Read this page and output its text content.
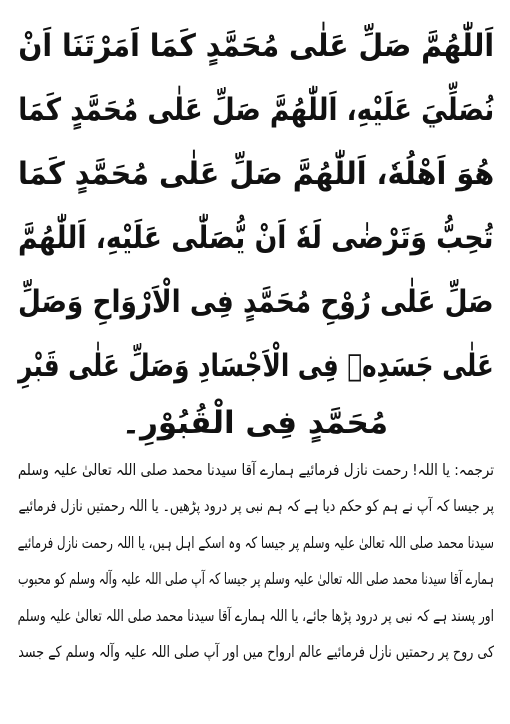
اَللّٰهُمَّ صَلِّ عَلٰى مُحَمَّدٍ كَمَا اَمَرْتَنَا اَنْ
نُصَلِّيَ عَلَيْهِ، اَللّٰهُمَّ صَلِّ عَلٰى مُحَمَّدٍ كَمَا
هُوَ اَهْلُهٗ، اَللّٰهُمَّ صَلِّ عَلٰى مُحَمَّدٍ كَمَا
تُحِبُّ وَتَرْضٰى لَهٗ اَنْ يُّصَلّٰى عَلَيْهِ، اَللّٰهُمَّ
صَلِّ عَلٰى رُوْحِ مُحَمَّدٍ فِى الْاَرْوَاحِ وَصَلِّ
عَلٰى جَسَدِهٖ فِى الْاَجْسَادِ وَصَلِّ عَلٰى قَبْرِ
مُحَمَّدٍ فِى الْقُبُوْرِ۔
ترجمہ: یا اللہ! رحمت نازل فرمائیے ہمارے آقا سیدنا محمد صلی اللہ تعالیٰ علیہ وسلم
پر جیسا کہ آپ نے ہم کو حکم دیا ہے کہ ہم نبی پر درود پڑھیں۔ یا اللہ رحمتیں نازل فرمائیے
سیدنا محمد صلی اللہ تعالیٰ علیہ وسلم پر جیسا کہ وہ اسکے اہل ہیں، یا اللہ رحمت نازل فرمائیے
ہمارے آقا سیدنا محمد صلی اللہ تعالیٰ علیہ وسلم پر جیسا کہ آپ صلی اللہ علیہ وآلہ وسلم کو محبوب
اور پسند ہے کہ نبی پر درود پڑھا جائے، یا اللہ ہمارے آقا سیدنا محمد صلی اللہ تعالیٰ علیہ وسلم
کی روح پر رحمتیں نازل فرمائیے عالم ارواح میں اور آپ صلی اللہ علیہ وآلہ وسلم کے جسد
